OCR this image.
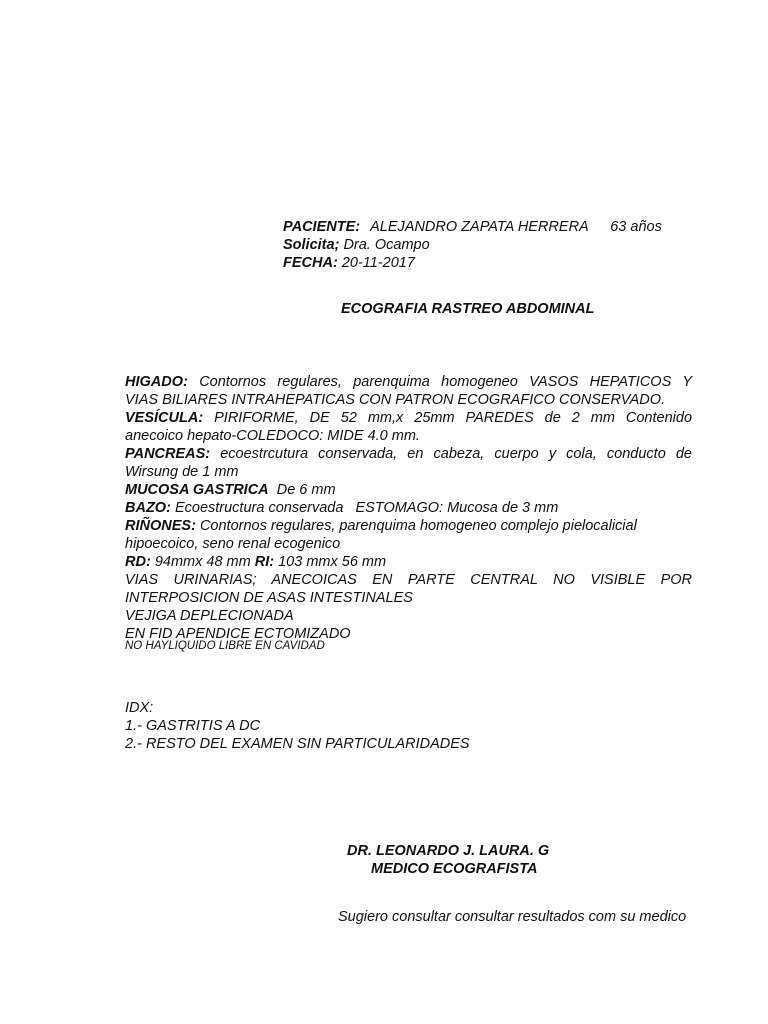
PACIENTE: ALEJANDRO ZAPATA HERRERA 63 años
Solicita; Dra. Ocampo
FECHA: 20-11-2017
ECOGRAFIA RASTREO ABDOMINAL
HIGADO: Contornos regulares, parenquima homogeneo VASOS HEPATICOS Y
VIAS BILIARES INTRAHEPATICAS CON PATRON ECOGRAFICO CONSERVADO.
VESÍCULA: PIRIFORME, DE 52 mm,x 25mm PAREDES de 2 mm Contenido
anecoico hepato-COLEDOCO: MIDE 4.0 mm.
PANCREAS: ecoestrcutura conservada, en cabeza, cuerpo y cola, conducto de
Wirsung de 1 mm
MUCOSA GASTRICA De 6 mm
BAZO: Ecoestructura conservada ESTOMAGO: Mucosa de 3 mm
RIÑONES: Contornos regulares, parenquima homogeneo complejo pielocalicial
hipoecoico, seno renal ecogenico
RD: 94mmx 48 mm RI: 103 mmx 56 mm
VIAS URINARIAS; ANECOICAS EN PARTE CENTRAL NO VISIBLE POR
INTERPOSICION DE ASAS INTESTINALES
VEJIGA DEPLECIONADA
EN FID APENDICE ECTOMIZADO
NO HAYLIQUIDO LIBRE EN CAVIDAD
IDX:
1.- GASTRITIS A DC
2.- RESTO DEL EXAMEN SIN PARTICULARIDADES
DR. LEONARDO J. LAURA. G
MEDICO ECOGRAFISTA
Sugiero consultar consultar resultados com su medico
